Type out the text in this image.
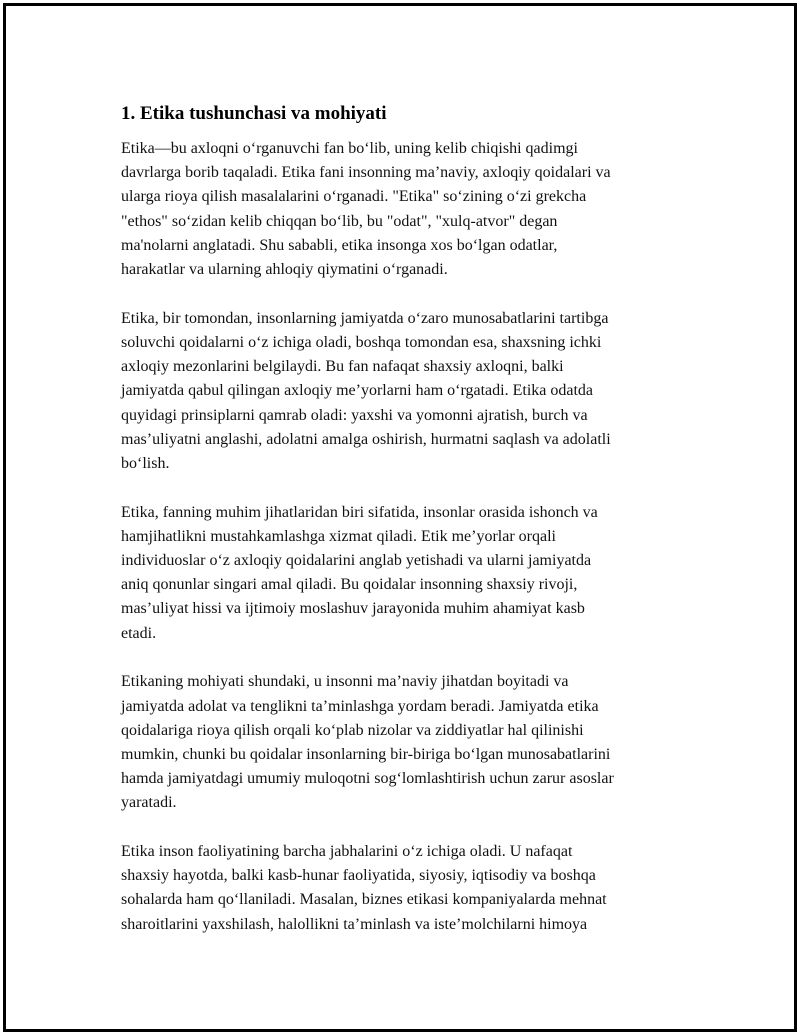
1. Etika tushunchasi va mohiyati

Etika—bu axloqni o‘rganuvchi fan bo‘lib, uning kelib chiqishi qadimgi
davrlarga borib taqaladi. Etika fani insonning ma’naviy, axloqiy qoidalari va
ularga rioya qilish masalalarini o‘rganadi. "Etika" so‘zining o‘zi grekcha
"ethos" so‘zidan kelib chiqqan bo‘lib, bu "odat", "xulq-atvor" degan
ma'nolarni anglatadi. Shu sababli, etika insonga xos bo‘lgan odatlar,
harakatlar va ularning ahloqiy qiymatini o‘rganadi.

Etika, bir tomondan, insonlarning jamiyatda o‘zaro munosabatlarini tartibga
soluvchi qoidalarni o‘z ichiga oladi, boshqa tomondan esa, shaxsning ichki
axloqiy mezonlarini belgilaydi. Bu fan nafaqat shaxsiy axloqni, balki
jamiyatda qabul qilingan axloqiy me’yorlarni ham o‘rgatadi. Etika odatda
quyidagi prinsiplarni qamrab oladi: yaxshi va yomonni ajratish, burch va
mas’uliyatni anglashi, adolatni amalga oshirish, hurmatni saqlash va adolatli
bo‘lish.

Etika, fanning muhim jihatlaridan biri sifatida, insonlar orasida ishonch va
hamjihatlikni mustahkamlashga xizmat qiladi. Etik me’yorlar orqali
individuoslar o‘z axloqiy qoidalarini anglab yetishadi va ularni jamiyatda
aniq qonunlar singari amal qiladi. Bu qoidalar insonning shaxsiy rivoji,
mas’uliyat hissi va ijtimoiy moslashuv jarayonida muhim ahamiyat kasb
etadi.

Etikaning mohiyati shundaki, u insonni ma’naviy jihatdan boyitadi va
jamiyatda adolat va tenglikni ta’minlashga yordam beradi. Jamiyatda etika
qoidalariga rioya qilish orqali ko‘plab nizolar va ziddiyatlar hal qilinishi
mumkin, chunki bu qoidalar insonlarning bir-biriga bo‘lgan munosabatlarini
hamda jamiyatdagi umumiy muloqotni sog‘lomlashtirish uchun zarur asoslar
yaratadi.

Etika inson faoliyatining barcha jabhalarini o‘z ichiga oladi. U nafaqat
shaxsiy hayotda, balki kasb-hunar faoliyatida, siyosiy, iqtisodiy va boshqa
sohalarda ham qo‘llaniladi. Masalan, biznes etikasi kompaniyalarda mehnat
sharoitlarini yaxshilash, halollikni ta’minlash va iste’molchilarni himoya
